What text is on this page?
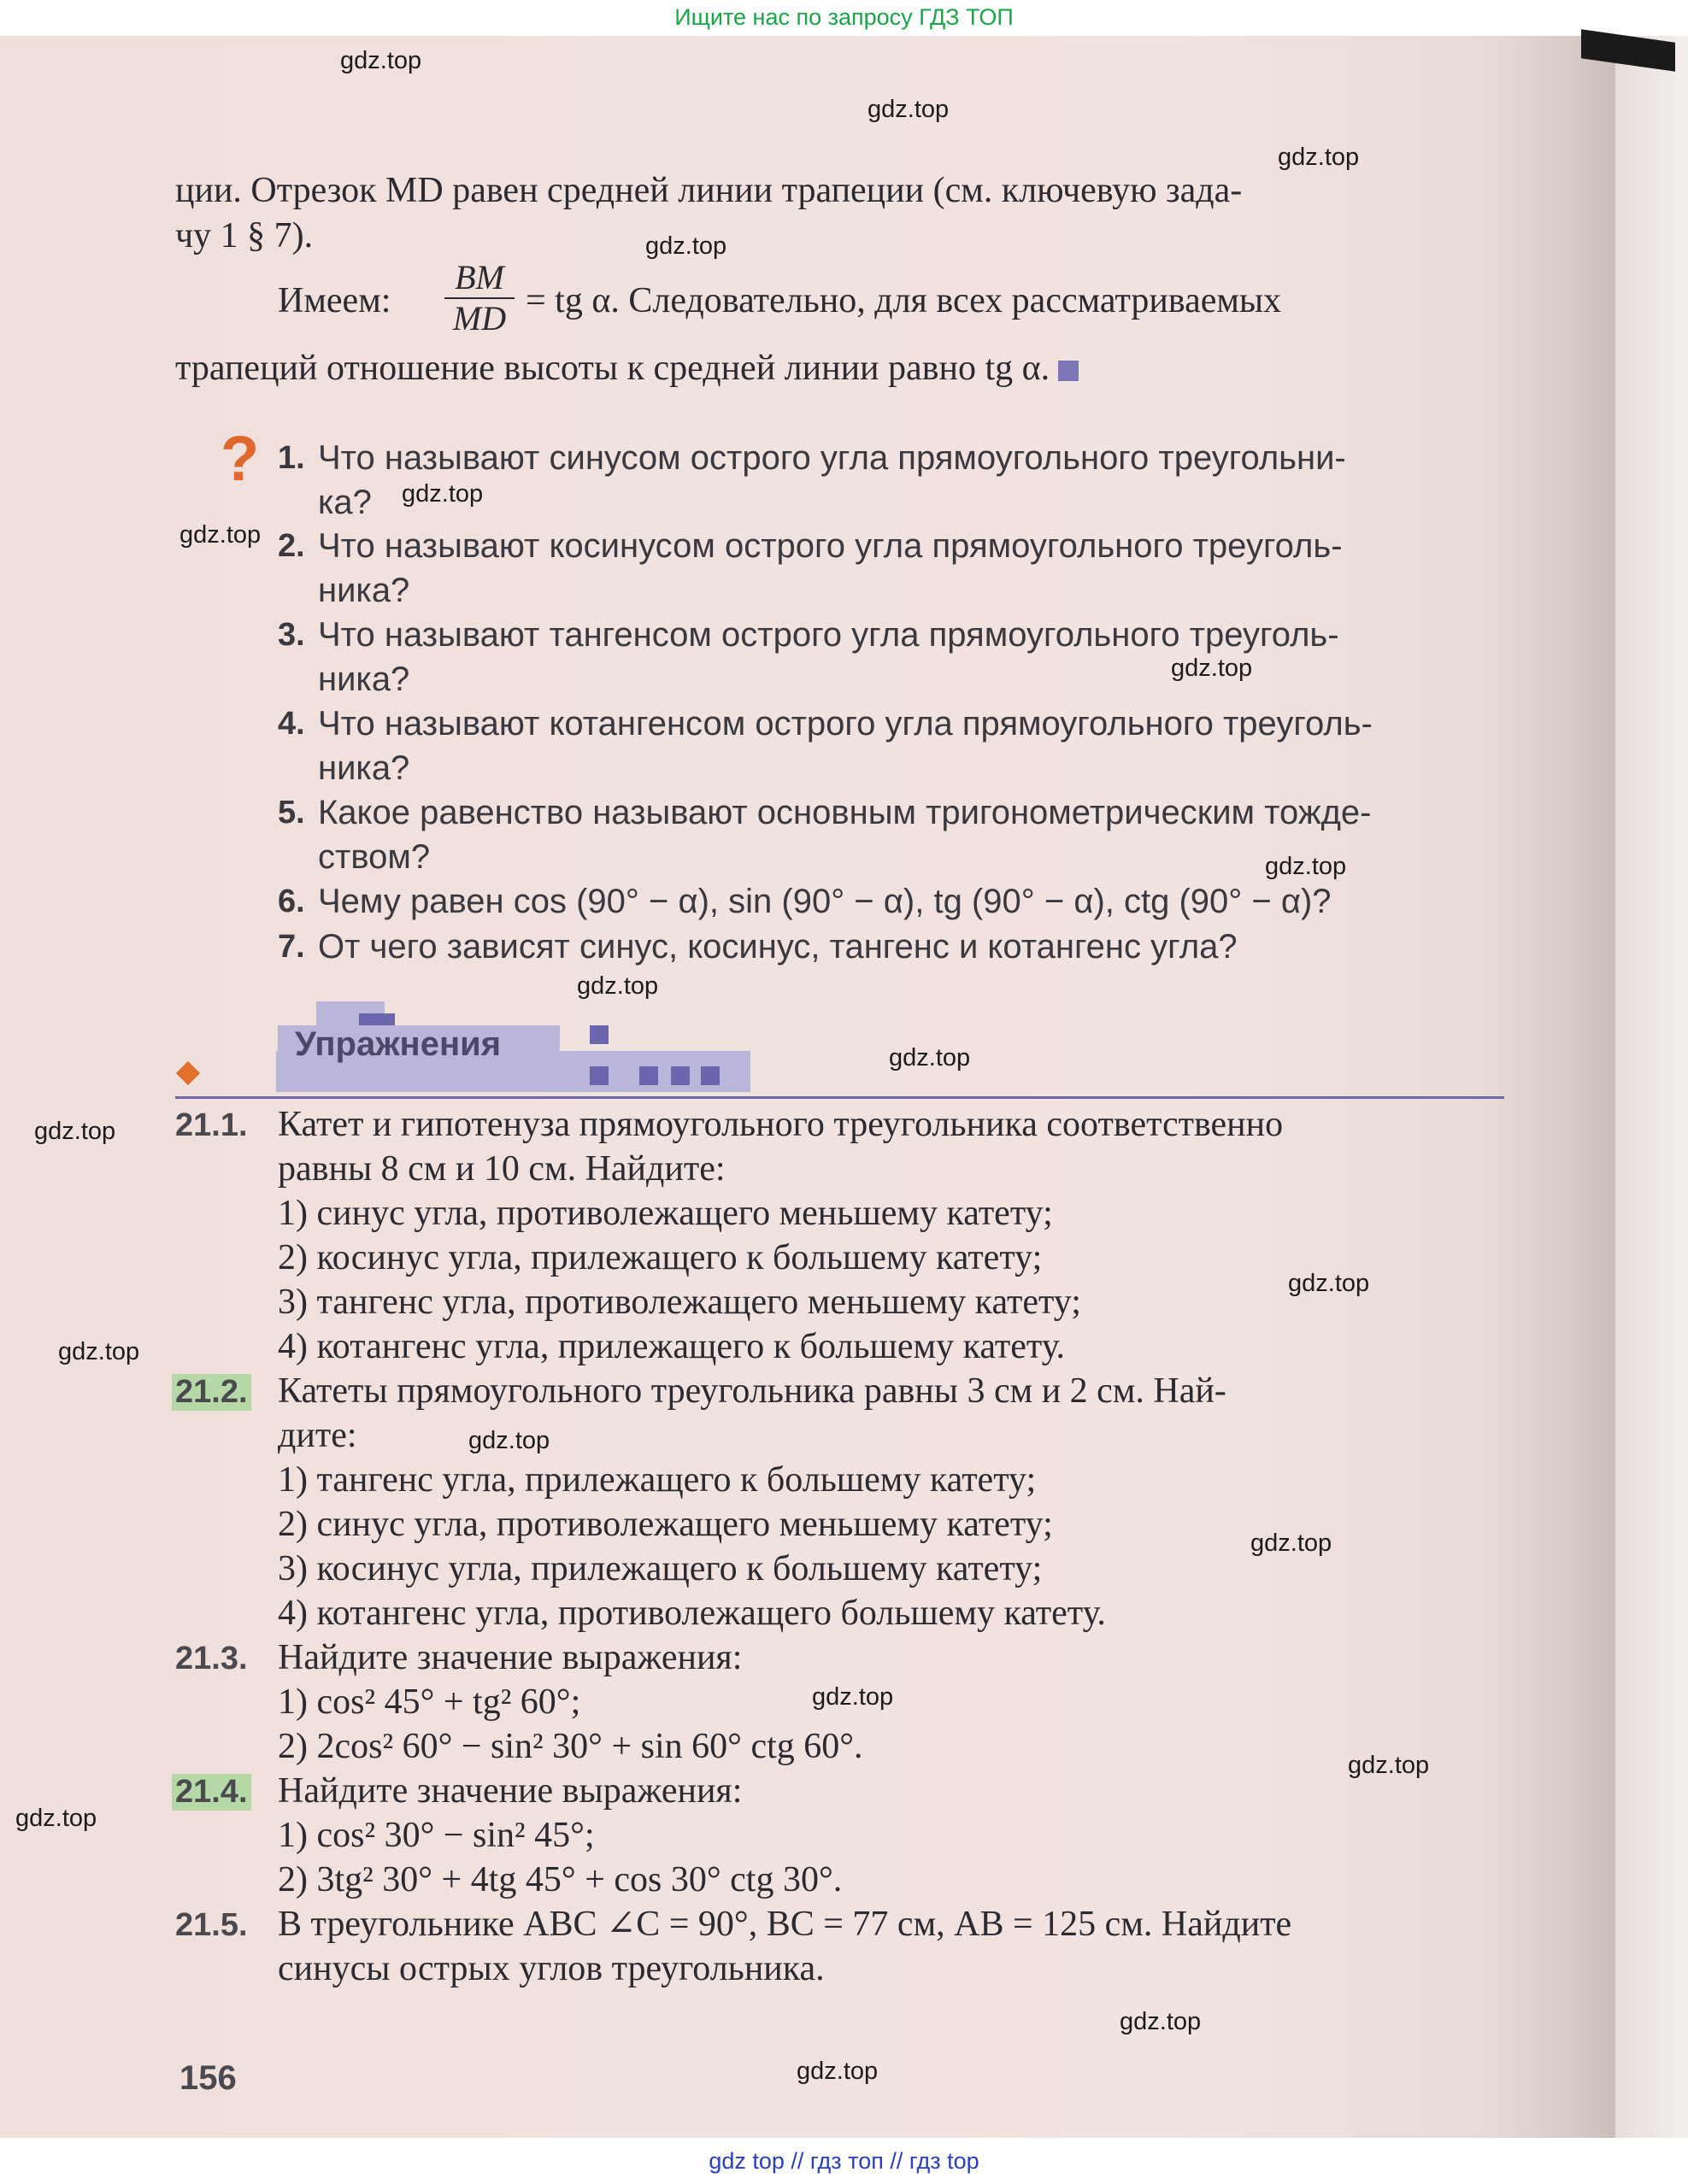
Ищите нас по запросу ГДЗ ТОП
ции. Отрезок MD равен средней линии трапеции (см. ключевую зада-
чу 1 § 7).
Имеем: $\frac{BM}{MD}$ = tg α. Следовательно, для всех рассматриваемых
трапеций отношение высоты к средней линии равно tg α.
? 1. Что называют синусом острого угла прямоугольного треугольни-
ка?
2. Что называют косинусом острого угла прямоугольного треуголь-
ника?
3. Что называют тангенсом острого угла прямоугольного треуголь-
ника?
4. Что называют котангенсом острого угла прямоугольного треуголь-
ника?
5. Какое равенство называют основным тригонометрическим тожде-
ством?
6. Чему равен cos (90° − α), sin (90° − α), tg (90° − α), ctg (90° − α)?
7. От чего зависят синус, косинус, тангенс и котангенс угла?
Упражнения
21.1. Катет и гипотенуза прямоугольного треугольника соответственно
равны 8 см и 10 см. Найдите:
1) синус угла, противолежащего меньшему катету;
2) косинус угла, прилежащего к большему катету;
3) тангенс угла, противолежащего меньшему катету;
4) котангенс угла, прилежащего к большему катету.
21.2. Катеты прямоугольного треугольника равны 3 см и 2 см. Най-
дите:
1) тангенс угла, прилежащего к большему катету;
2) синус угла, противолежащего меньшему катету;
3) косинус угла, прилежащего к большему катету;
4) котангенс угла, противолежащего большему катету.
21.3. Найдите значение выражения:
1) cos² 45° + tg² 60°;
2) 2cos² 60° − sin² 30° + sin 60° ctg 60°.
21.4. Найдите значение выражения:
1) cos² 30° − sin² 45°;
2) 3tg² 30° + 4tg 45° + cos 30° ctg 30°.
21.5. В треугольнике ABC ∠C = 90°, BC = 77 см, AB = 125 см. Найдите
синусы острых углов треугольника.
156
gdz.top
gdz.top
gdz.top
gdz.top
gdz.top
gdz.top
gdz.top
gdz.top
gdz.top
gdz.top
gdz.top
gdz.top
gdz.top
gdz.top
gdz.top
gdz.top
gdz.top
gdz.top
gdz.top
gdz.top
gdz top // гдз топ // гдз top
